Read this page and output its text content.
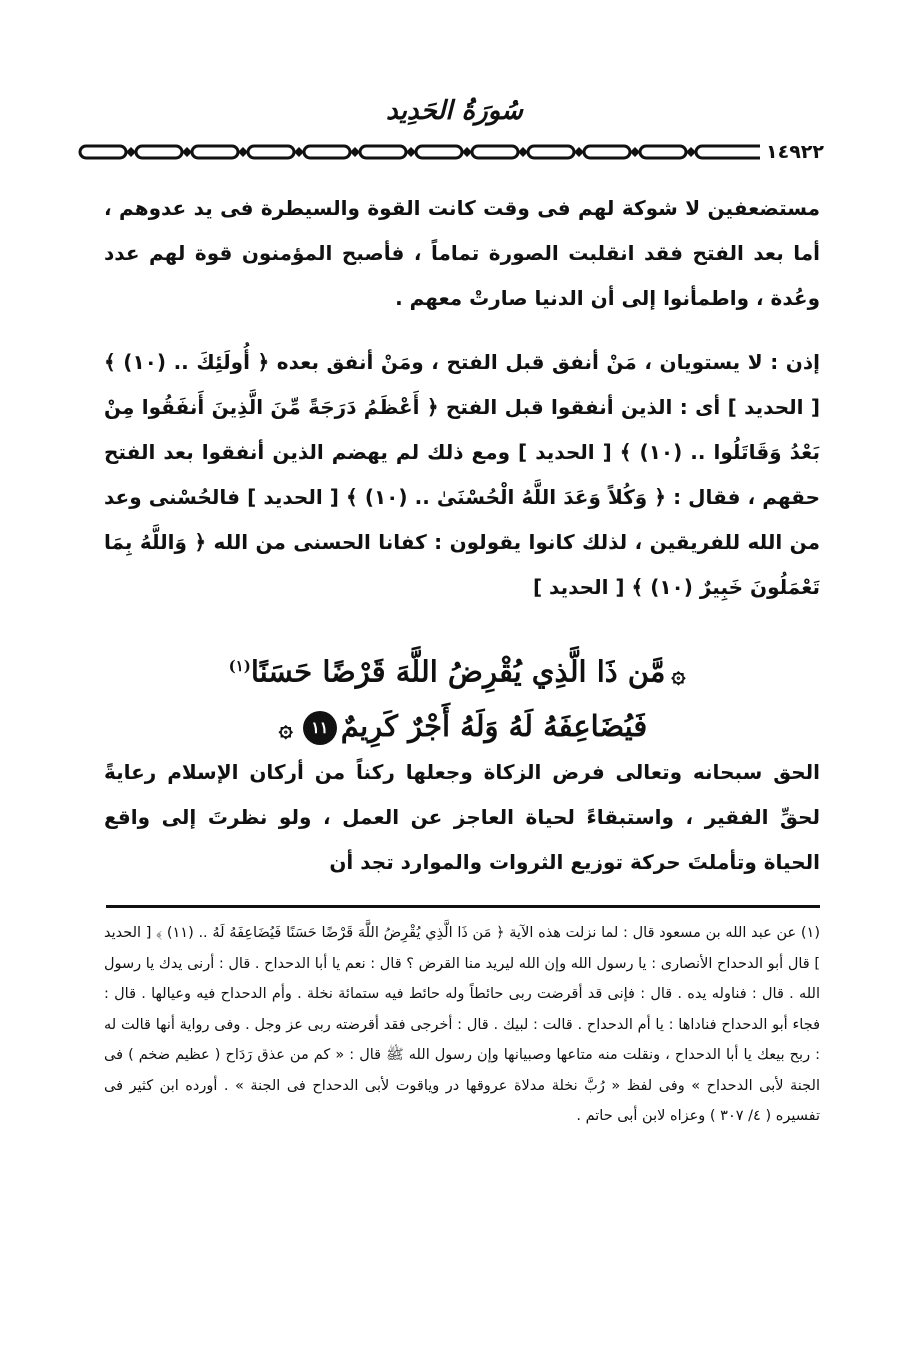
سُورَةُ الحَدِيد
١٤٩٢٢

مستضعفين لا شوكة لهم فى وقت كانت القوة والسيطرة فى يد عدوهم ، أما بعد الفتح فقد انقلبت الصورة تماماً ، فأصبح المؤمنون قوة لهم عدد وعُدة ، واطمأنوا إلى أن الدنيا صارتْ معهم .

إذن : لا يستويان ، مَنْ أنفق قبل الفتح ، ومَنْ أنفق بعده ﴿ أُولَئِكَ .. (١٠) ﴾ [ الحديد ] أى : الذين أنفقوا قبل الفتح ﴿ أَعْظَمُ دَرَجَةً مِّنَ الَّذِينَ أَنفَقُوا مِنْ بَعْدُ وَقَاتَلُوا .. (١٠) ﴾ [ الحديد ] ومع ذلك لم يهضم الذين أنفقوا بعد الفتح حقهم ، فقال : ﴿ وَكُلاً وَعَدَ اللَّهُ الْحُسْنَىٰ .. (١٠) ﴾ [ الحديد ] فالحُسْنى وعد من الله للفريقين ، لذلك كانوا يقولون : كفانا الحسنى من الله ﴿ وَاللَّهُ بِمَا تَعْمَلُونَ خَبِيرٌ (١٠) ﴾ [ الحديد ]

۞مَّن ذَا الَّذِي يُقْرِضُ اللَّهَ قَرْضًا حَسَنًا$^{(١)}$
فَيُضَاعِفَهُ لَهُ وَلَهُ أَجْرٌ كَرِيمٌ١١۞

الحق سبحانه وتعالى فرض الزكاة وجعلها ركناً من أركان الإسلام رعايةً لحقِّ الفقير ، واستبقاءً لحياة العاجز عن العمل ، ولو نظرتَ إلى واقع الحياة وتأملتَ حركة توزيع الثروات والموارد تجد أن

(١) عن عبد الله بن مسعود قال : لما نزلت هذه الآية ﴿ مَن ذَا الَّذِي يُقْرِضُ اللَّهَ قَرْضًا حَسَنًا فَيُضَاعِفَهُ لَهُ .. (١١) ﴾ [ الحديد ] قال أبو الدحداح الأنصارى : يا رسول الله وإن الله ليريد منا القرض ؟ قال : نعم يا أبا الدحداح . قال : أرنى يدك يا رسول الله . قال : فناوله يده . قال : فإنى قد أقرضت ربى حائطاً وله حائط فيه ستمائة نخلة . وأم الدحداح فيه وعيالها . قال : فجاء أبو الدحداح فناداها : يا أم الدحداح . قالت : لبيك . قال : أخرجى فقد أقرضته ربى عز وجل . وفى رواية أنها قالت له : ربح بيعك يا أبا الدحداح ، ونقلت منه متاعها وصبيانها وإن رسول الله ﷺ قال : « كم من عذق رَدَاح ( عظيم ضخم ) فى الجنة لأبى الدحداح » وفى لفظ « رُبَّ نخلة مدلاة عروقها در وياقوت لأبى الدحداح فى الجنة » . أورده ابن كثير فى تفسيره ( ٤/ ٣٠٧ ) وعزاه لابن أبى حاتم .
